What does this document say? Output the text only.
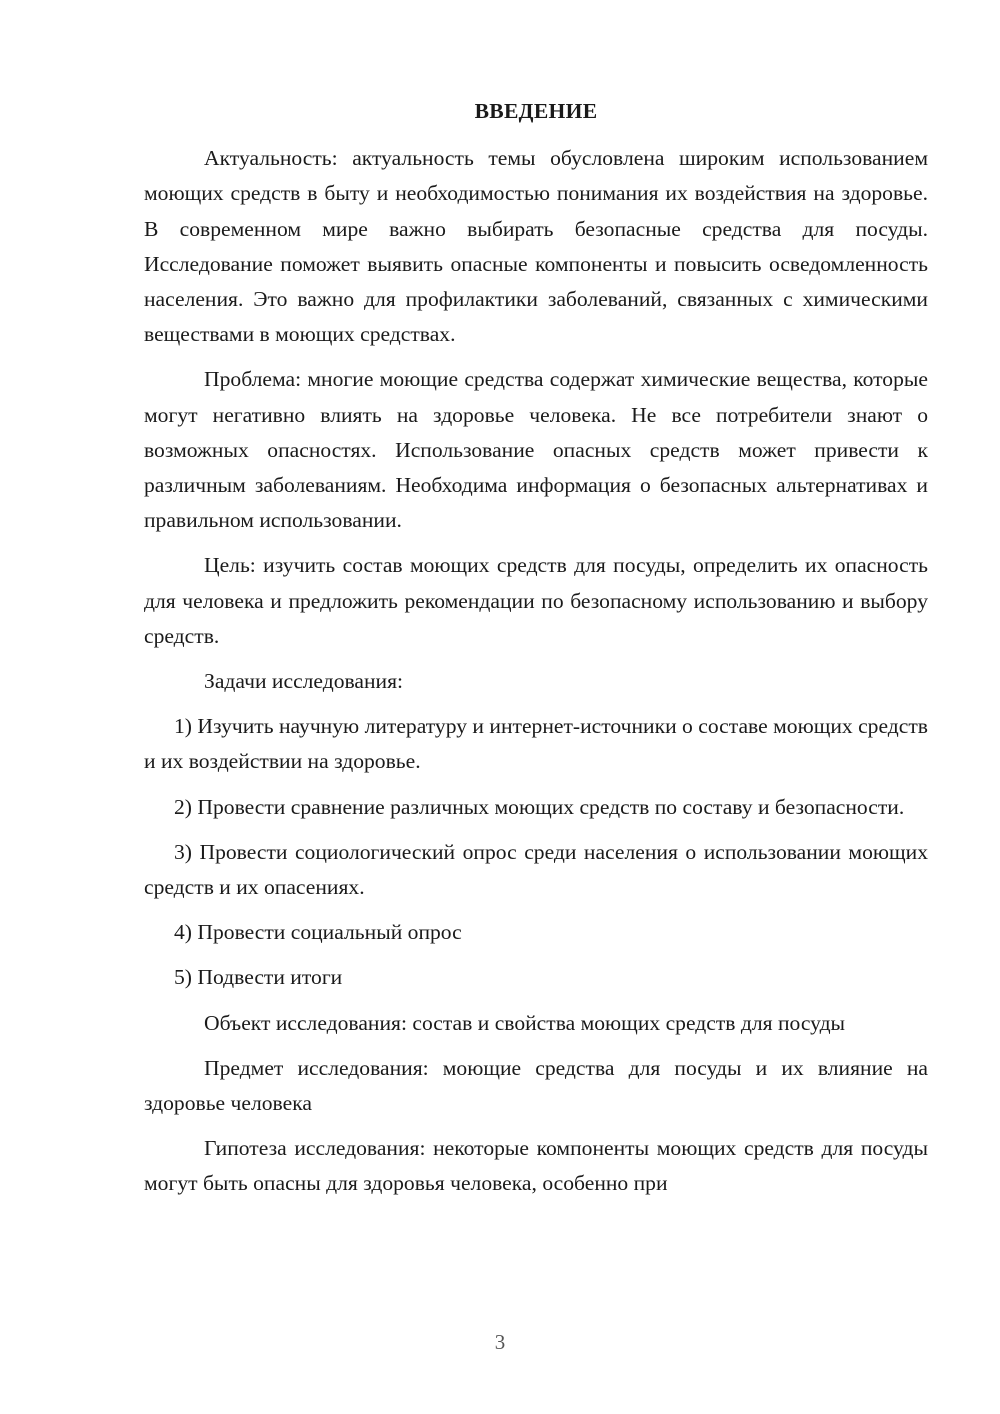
ВВЕДЕНИЕ

Актуальность: актуальность темы обусловлена широким использованием моющих средств в быту и необходимостью понимания их воздействия на здоровье. В современном мире важно выбирать безопасные средства для посуды. Исследование поможет выявить опасные компоненты и повысить осведомленность населения. Это важно для профилактики заболеваний, связанных с химическими веществами в моющих средствах.

Проблема: многие моющие средства содержат химические вещества, которые могут негативно влиять на здоровье человека. Не все потребители знают о возможных опасностях. Использование опасных средств может привести к различным заболеваниям. Необходима информация о безопасных альтернативах и правильном использовании.

Цель: изучить состав моющих средств для посуды, определить их опасность для человека и предложить рекомендации по безопасному использованию и выбору средств.

Задачи исследования:

1) Изучить научную литературу и интернет-источники о составе моющих средств и их воздействии на здоровье.

2) Провести сравнение различных моющих средств по составу и безопасности.

3) Провести социологический опрос среди населения о использовании моющих средств и их опасениях.

4) Провести социальный опрос

5) Подвести итоги

Объект исследования: состав и свойства моющих средств для посуды

Предмет исследования: моющие средства для посуды и их влияние на здоровье человека

Гипотеза исследования: некоторые компоненты моющих средств для посуды могут быть опасны для здоровья человека, особенно при

3
